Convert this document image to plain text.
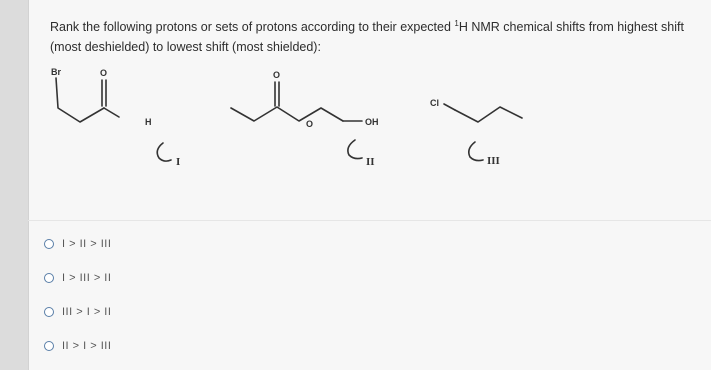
Rank the following protons or sets of protons according to their expected $^1$H NMR chemical shifts from highest shift
(most deshielded) to lowest shift (most shielded):
Br	O
H
I
O
O	OH
II
Cl
III
I > II > III
I > III > II
III > I > II
II > I > III
